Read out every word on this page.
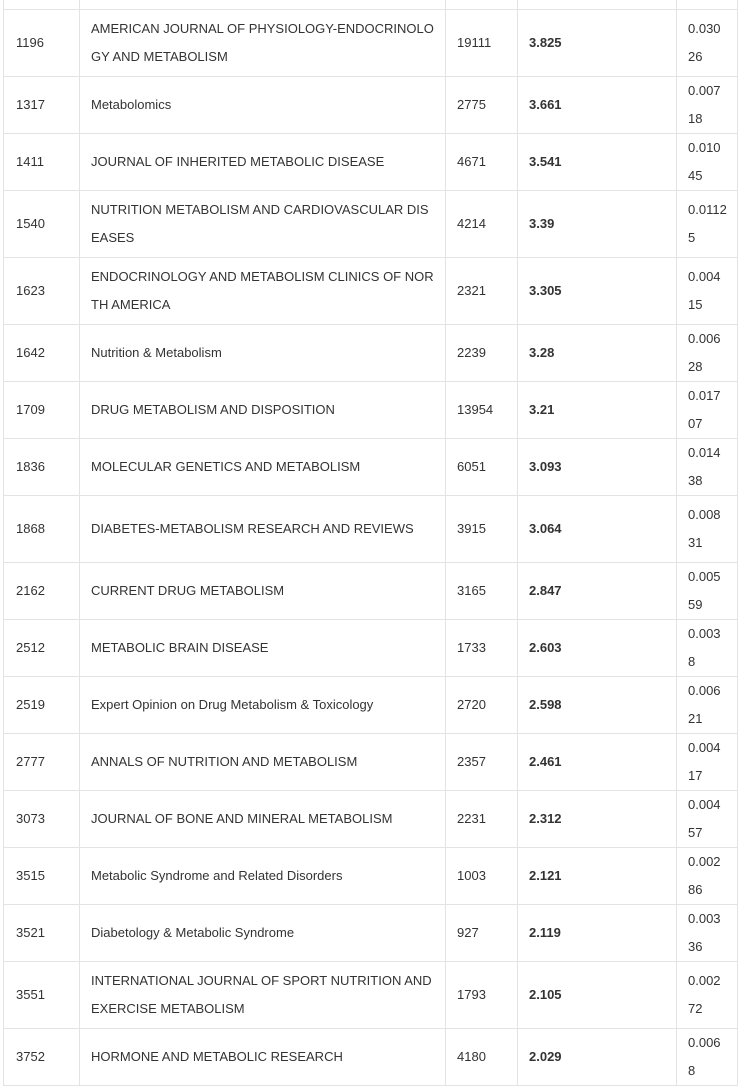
1196	AMERICAN JOURNAL OF PHYSIOLOGY-ENDOCRINOLOGY AND METABOLISM	19111	3.825	0.03026
1317	Metabolomics	2775	3.661	0.00718
1411	JOURNAL OF INHERITED METABOLIC DISEASE	4671	3.541	0.01045
1540	NUTRITION METABOLISM AND CARDIOVASCULAR DISEASES	4214	3.39	0.01125
1623	ENDOCRINOLOGY AND METABOLISM CLINICS OF NORTH AMERICA	2321	3.305	0.00415
1642	Nutrition & Metabolism	2239	3.28	0.00628
1709	DRUG METABOLISM AND DISPOSITION	13954	3.21	0.01707
1836	MOLECULAR GENETICS AND METABOLISM	6051	3.093	0.01438
1868	DIABETES-METABOLISM RESEARCH AND REVIEWS	3915	3.064	0.00831
2162	CURRENT DRUG METABOLISM	3165	2.847	0.00559
2512	METABOLIC BRAIN DISEASE	1733	2.603	0.0038
2519	Expert Opinion on Drug Metabolism & Toxicology	2720	2.598	0.00621
2777	ANNALS OF NUTRITION AND METABOLISM	2357	2.461	0.00417
3073	JOURNAL OF BONE AND MINERAL METABOLISM	2231	2.312	0.00457
3515	Metabolic Syndrome and Related Disorders	1003	2.121	0.00286
3521	Diabetology & Metabolic Syndrome	927	2.119	0.00336
3551	INTERNATIONAL JOURNAL OF SPORT NUTRITION AND EXERCISE METABOLISM	1793	2.105	0.00272
3752	HORMONE AND METABOLIC RESEARCH	4180	2.029	0.0068
